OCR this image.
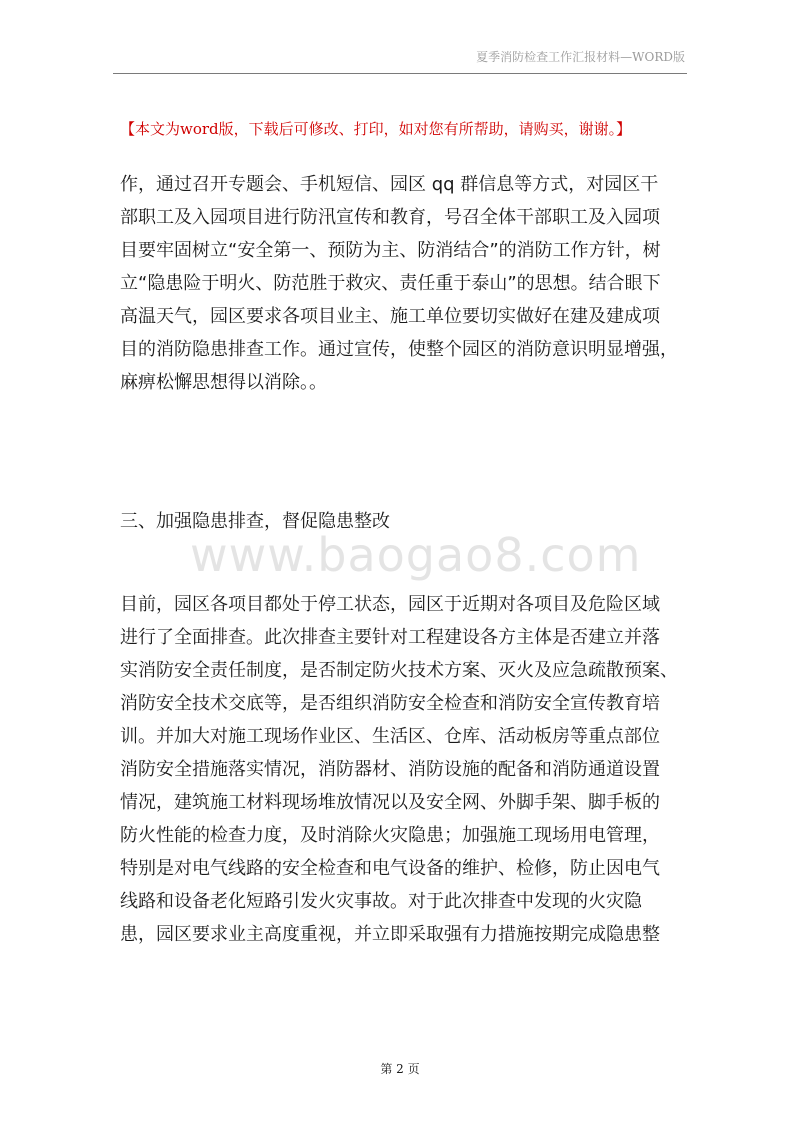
夏季消防检查工作汇报材料—WORD版
【本文为word版，下载后可修改、打印，如对您有所帮助，请购买，谢谢。】
作，通过召开专题会、手机短信、园区 qq 群信息等方式，对园区干
部职工及入园项目进行防汛宣传和教育，号召全体干部职工及入园项
目要牢固树立“安全第一、预防为主、防消结合”的消防工作方针，树
立“隐患险于明火、防范胜于救灾、责任重于泰山”的思想。结合眼下
高温天气，园区要求各项目业主、施工单位要切实做好在建及建成项
目的消防隐患排查工作。通过宣传，使整个园区的消防意识明显增强，
麻痹松懈思想得以消除。。
三、加强隐患排查，督促隐患整改
www.baogao8.com
目前，园区各项目都处于停工状态，园区于近期对各项目及危险区域
进行了全面排查。此次排查主要针对工程建设各方主体是否建立并落
实消防安全责任制度，是否制定防火技术方案、灭火及应急疏散预案、
消防安全技术交底等，是否组织消防安全检查和消防安全宣传教育培
训。并加大对施工现场作业区、生活区、仓库、活动板房等重点部位
消防安全措施落实情况，消防器材、消防设施的配备和消防通道设置
情况，建筑施工材料现场堆放情况以及安全网、外脚手架、脚手板的
防火性能的检查力度，及时消除火灾隐患；加强施工现场用电管理，
特别是对电气线路的安全检查和电气设备的维护、检修，防止因电气
线路和设备老化短路引发火灾事故。对于此次排查中发现的火灾隐
患，园区要求业主高度重视，并立即采取强有力措施按期完成隐患整
第 2 页
